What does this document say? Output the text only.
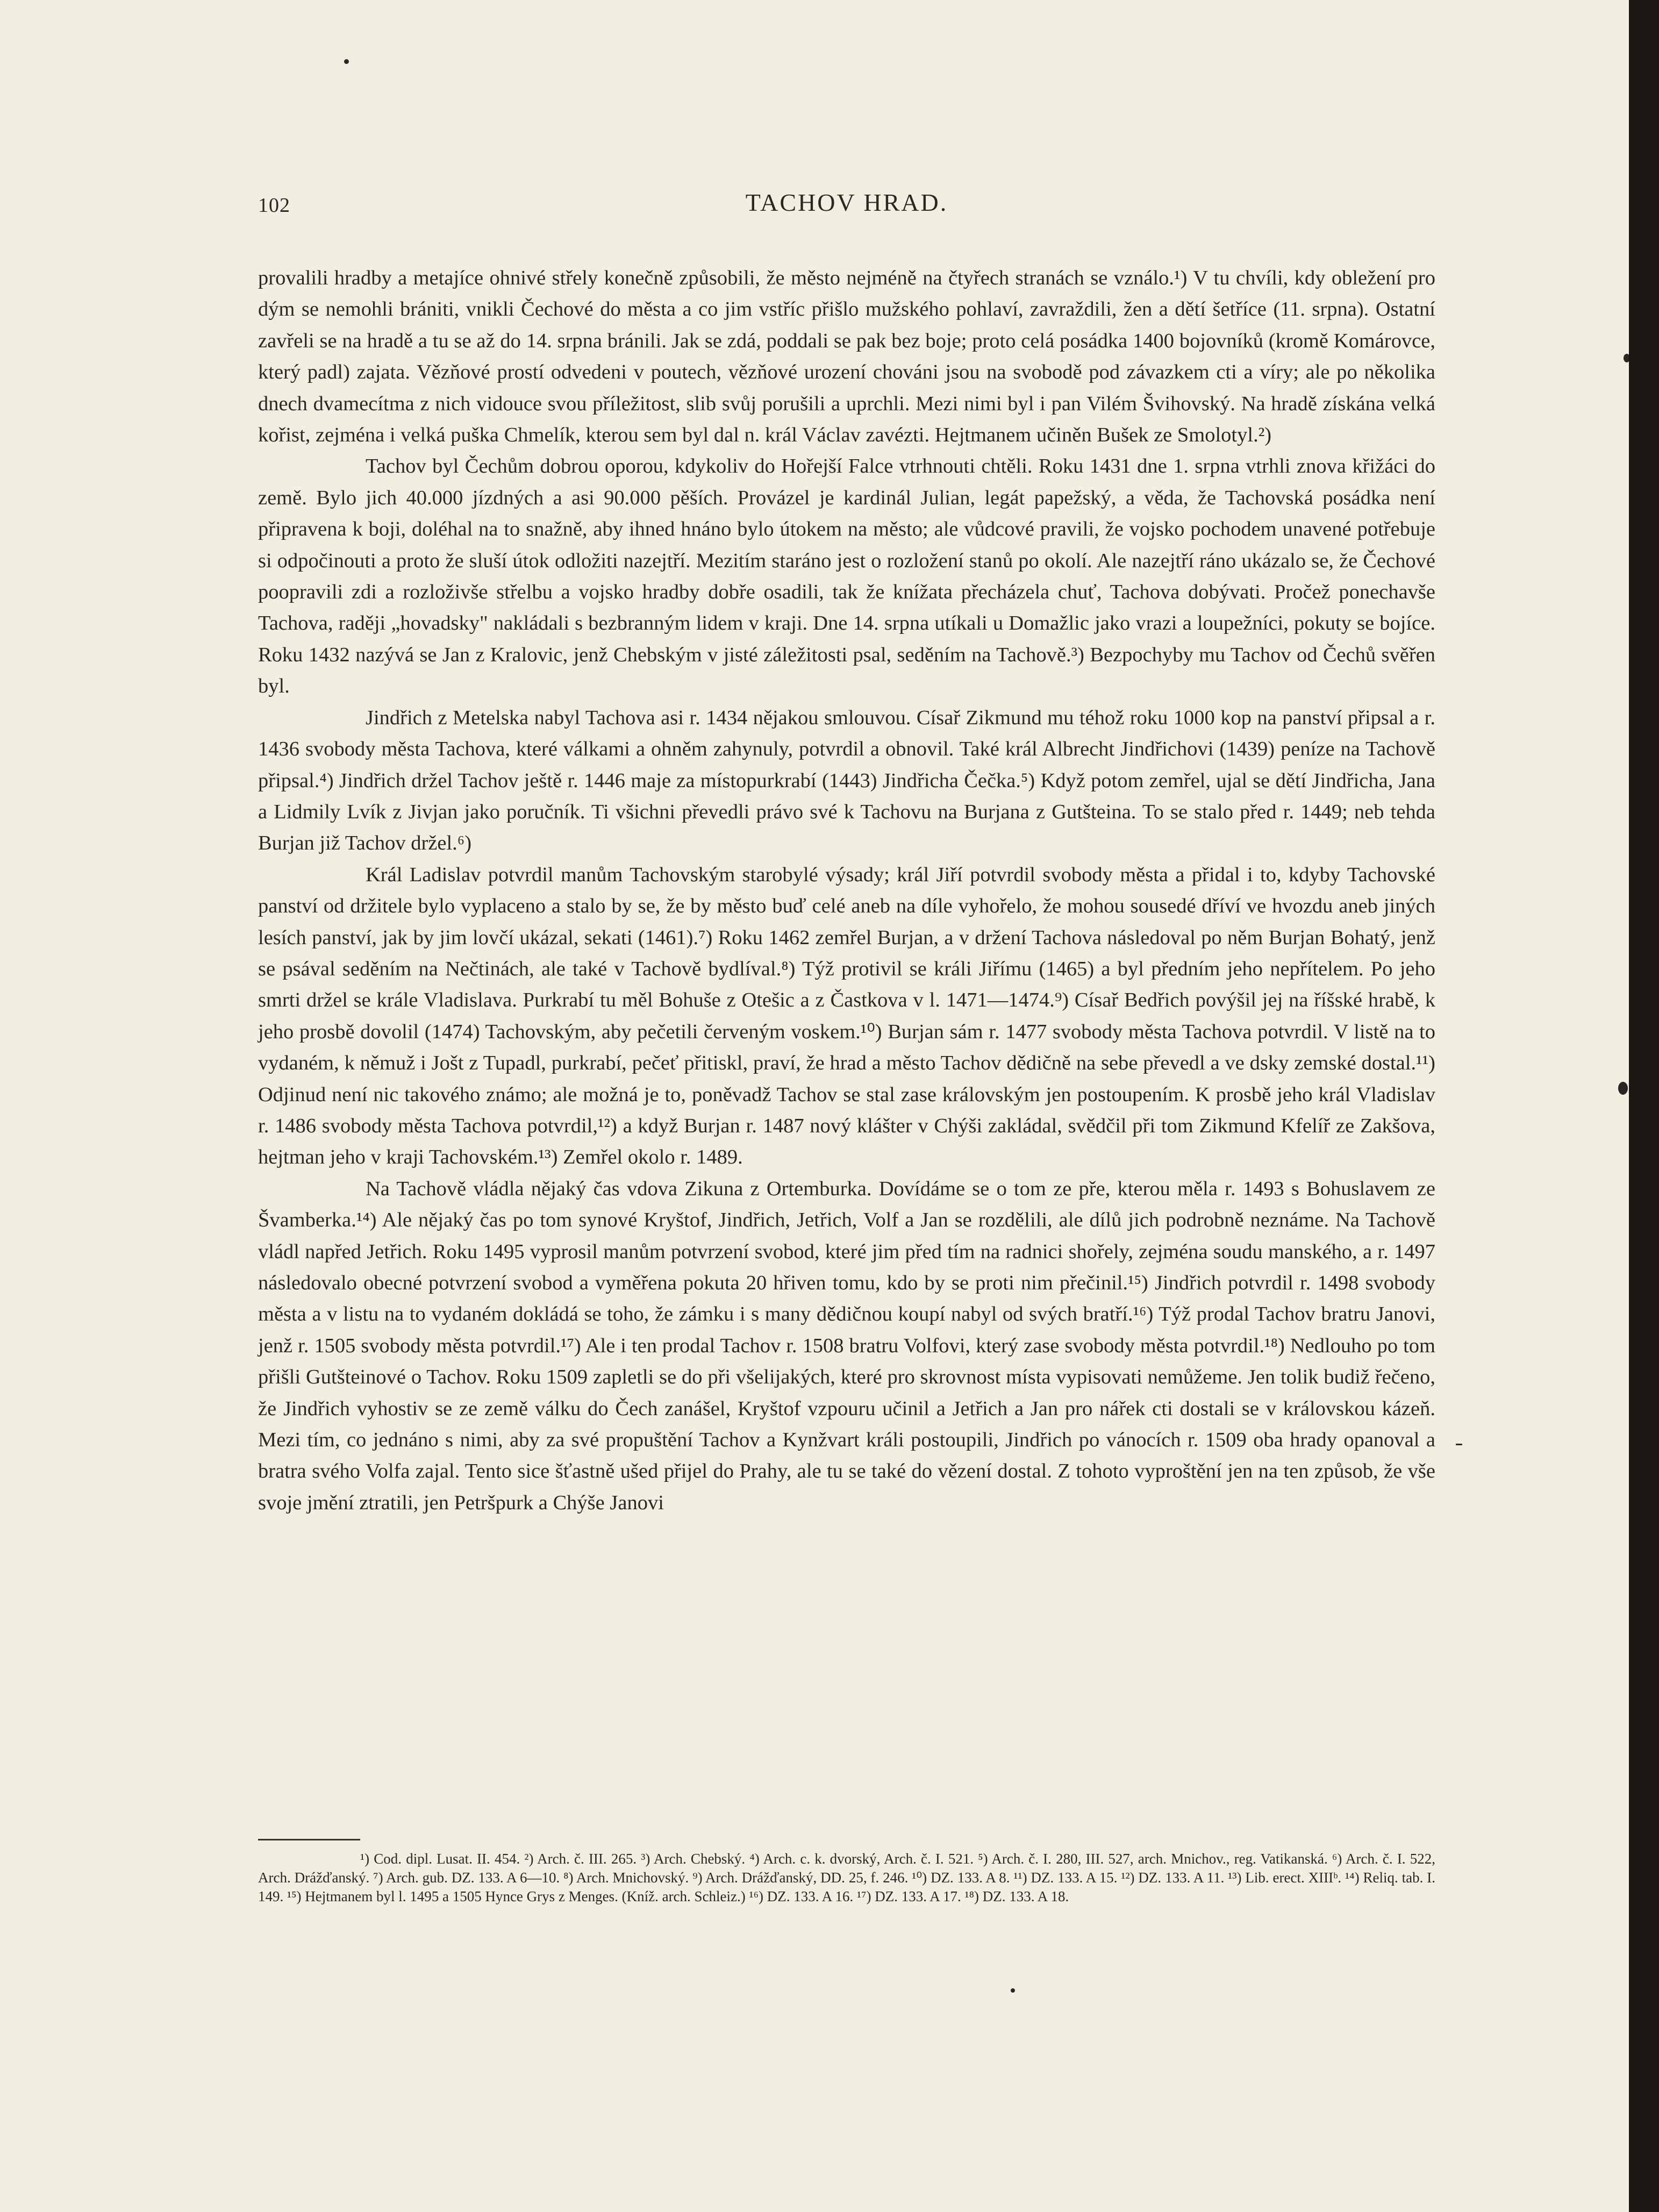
102	TACHOV HRAD.

provalili hradby a metajíce ohnivé střely konečně způsobili, že město nejméně na čtyřech stranách se vználo.¹) V tu chvíli, kdy obležení pro dým se nemohli brániti, vnikli Čechové do města a co jim vstříc přišlo mužského pohlaví, zavraždili, žen a dětí šetříce (11. srpna). Ostatní zavřeli se na hradě a tu se až do 14. srpna bránili. Jak se zdá, poddali se pak bez boje; proto celá posádka 1400 bojovníků (kromě Komárovce, který padl) zajata. Vězňové prostí odvedeni v poutech, vězňové urození chováni jsou na svobodě pod závazkem cti a víry; ale po několika dnech dvamecítma z nich vidouce svou příležitost, slib svůj porušili a uprchli. Mezi nimi byl i pan Vilém Švihovský. Na hradě získána velká kořist, zejména i velká puška Chmelík, kterou sem byl dal n. král Václav zavézti. Hejtmanem učiněn Bušek ze Smolotyl.²)

Tachov byl Čechům dobrou oporou, kdykoliv do Hořejší Falce vtrhnouti chtěli. Roku 1431 dne 1. srpna vtrhli znova křižáci do země. Bylo jich 40.000 jízdných a asi 90.000 pěších. Provázel je kardinál Julian, legát papežský, a věda, že Tachovská posádka není připravena k boji, doléhal na to snažně, aby ihned hnáno bylo útokem na město; ale vůdcové pravili, že vojsko pochodem unavené potřebuje si odpočinouti a proto že sluší útok odložiti nazejtří. Mezitím staráno jest o rozložení stanů po okolí. Ale nazejtří ráno ukázalo se, že Čechové poopravili zdi a rozloživše střelbu a vojsko hradby dobře osadili, tak že knížata přecházela chuť, Tachova dobývati. Pročež ponechavše Tachova, raději „hovadsky" nakládali s bezbranným lidem v kraji. Dne 14. srpna utíkali u Domažlic jako vrazi a loupežníci, pokuty se bojíce. Roku 1432 nazývá se Jan z Kralovic, jenž Chebským v jisté záležitosti psal, seděním na Tachově.³) Bezpochyby mu Tachov od Čechů svěřen byl.

Jindřich z Metelska nabyl Tachova asi r. 1434 nějakou smlouvou. Císař Zikmund mu téhož roku 1000 kop na panství připsal a r. 1436 svobody města Tachova, které válkami a ohněm zahynuly, potvrdil a obnovil. Také král Albrecht Jindřichovi (1439) peníze na Tachově připsal.⁴) Jindřich držel Tachov ještě r. 1446 maje za místopurkrabí (1443) Jindřicha Čečka.⁵) Když potom zemřel, ujal se dětí Jindřicha, Jana a Lidmily Lvík z Jivjan jako poručník. Ti všichni převedli právo své k Tachovu na Burjana z Gutšteina. To se stalo před r. 1449; neb tehda Burjan již Tachov držel.⁶)

Král Ladislav potvrdil manům Tachovským starobylé výsady; král Jiří potvrdil svobody města a přidal i to, kdyby Tachovské panství od držitele bylo vyplaceno a stalo by se, že by město buď celé aneb na díle vyhořelo, že mohou sousedé dříví ve hvozdu aneb jiných lesích panství, jak by jim lovčí ukázal, sekati (1461).⁷) Roku 1462 zemřel Burjan, a v držení Tachova následoval po něm Burjan Bohatý, jenž se psával seděním na Nečtinách, ale také v Tachově bydlíval.⁸) Týž protivil se králi Jiřímu (1465) a byl předním jeho nepřítelem. Po jeho smrti držel se krále Vladislava. Purkrabí tu měl Bohuše z Otešic a z Častkova v l. 1471—1474.⁹) Císař Bedřich povýšil jej na říšské hrabě, k jeho prosbě dovolil (1474) Tachovským, aby pečetili červeným voskem.¹⁰) Burjan sám r. 1477 svobody města Tachova potvrdil. V listě na to vydaném, k němuž i Jošt z Tupadl, purkrabí, pečeť přitiskl, praví, že hrad a město Tachov dědičně na sebe převedl a ve dsky zemské dostal.¹¹) Odjinud není nic takového známo; ale možná je to, poněvadž Tachov se stal zase královským jen postoupením. K prosbě jeho král Vladislav r. 1486 svobody města Tachova potvrdil,¹²) a když Burjan r. 1487 nový klášter v Chýši zakládal, svědčil při tom Zikmund Kfelíř ze Zakšova, hejtman jeho v kraji Tachovském.¹³) Zemřel okolo r. 1489.

Na Tachově vládla nějaký čas vdova Zikuna z Ortemburka. Dovídáme se o tom ze pře, kterou měla r. 1493 s Bohuslavem ze Švamberka.¹⁴) Ale nějaký čas po tom synové Kryštof, Jindřich, Jetřich, Volf a Jan se rozdělili, ale dílů jich podrobně neznáme. Na Tachově vládl napřed Jetřich. Roku 1495 vyprosil manům potvrzení svobod, které jim před tím na radnici shořely, zejména soudu manského, a r. 1497 následovalo obecné potvrzení svobod a vyměřena pokuta 20 hřiven tomu, kdo by se proti nim přečinil.¹⁵) Jindřich potvrdil r. 1498 svobody města a v listu na to vydaném dokládá se toho, že zámku i s many dědičnou koupí nabyl od svých bratří.¹⁶) Týž prodal Tachov bratru Janovi, jenž r. 1505 svobody města potvrdil.¹⁷) Ale i ten prodal Tachov r. 1508 bratru Volfovi, který zase svobody města potvrdil.¹⁸) Nedlouho po tom přišli Gutšteinové o Tachov. Roku 1509 zapletli se do při všelijakých, které pro skrovnost místa vypisovati nemůžeme. Jen tolik budiž řečeno, že Jindřich vyhostiv se ze země válku do Čech zanášel, Kryštof vzpouru učinil a Jetřich a Jan pro nářek cti dostali se v královskou kázeň. Mezi tím, co jednáno s nimi, aby za své propuštění Tachov a Kynžvart králi postoupili, Jindřich po vánocích r. 1509 oba hrady opanoval a bratra svého Volfa zajal. Tento sice šťastně ušed přijel do Prahy, ale tu se také do vězení dostal. Z tohoto vyproštění jen na ten způsob, že vše svoje jmění ztratili, jen Petršpurk a Chýše Janovi

¹) Cod. dipl. Lusat. II. 454. ²) Arch. č. III. 265. ³) Arch. Chebský. ⁴) Arch. c. k. dvorský, Arch. č. I. 521. ⁵) Arch. č. I. 280, III. 527, arch. Mnichov., reg. Vatikanská. ⁶) Arch. č. I. 522, Arch. Drážďanský. ⁷) Arch. gub. DZ. 133. A 6—10. ⁸) Arch. Mnichovský. ⁹) Arch. Drážďanský, DD. 25, f. 246. ¹⁰) DZ. 133. A 8. ¹¹) DZ. 133. A 15. ¹²) DZ. 133. A 11. ¹³) Lib. erect. XIIIᵇ. ¹⁴) Reliq. tab. I. 149. ¹⁵) Hejtmanem byl l. 1495 a 1505 Hynce Grys z Menges. (Kníž. arch. Schleiz.) ¹⁶) DZ. 133. A 16. ¹⁷) DZ. 133. A 17. ¹⁸) DZ. 133. A 18.
